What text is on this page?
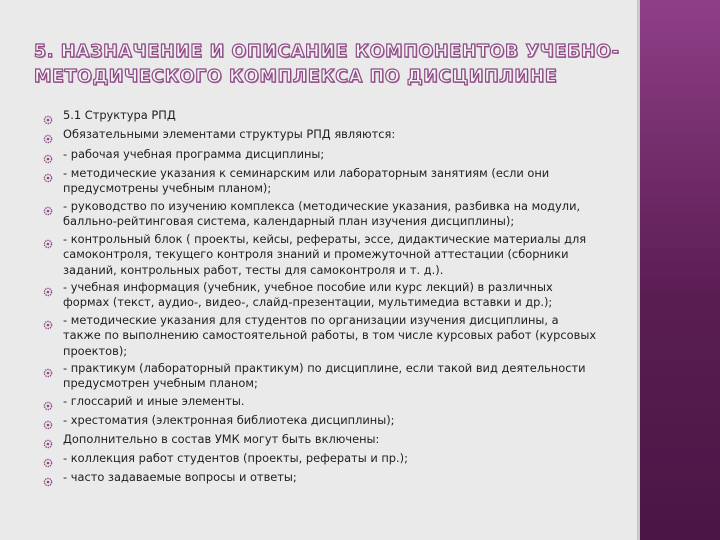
5. НАЗНАЧЕНИЕ И ОПИСАНИЕ КОМПОНЕНТОВ УЧЕБНО-
МЕТОДИЧЕСКОГО КОМПЛЕКСА ПО ДИСЦИПЛИНЕ
5.1 Структура РПД
Обязательными элементами структуры РПД являются:
- рабочая учебная программа дисциплины;
- методические указания к семинарским или лабораторным занятиям (если они
предусмотрены учебным планом);
- руководство по изучению комплекса (методические указания, разбивка на модули,
балльно-рейтинговая система, календарный план изучения дисциплины);
- контрольный блок ( проекты, кейсы, рефераты, эссе, дидактические материалы для
самоконтроля, текущего контроля знаний и промежуточной аттестации (сборники
заданий, контрольных работ, тесты для самоконтроля и т. д.).
- учебная информация (учебник, учебное пособие или курс лекций) в различных
формах (текст, аудио-, видео-, слайд-презентации, мультимедиа вставки и др.);
- методические указания для студентов по организации изучения дисциплины, а
также по выполнению самостоятельной работы, в том числе курсовых работ (курсовых
проектов);
- практикум (лабораторный практикум) по дисциплине, если такой вид деятельности
предусмотрен учебным планом;
- глоссарий и иные элементы.
- хрестоматия (электронная библиотека дисциплины);
Дополнительно в состав УМК могут быть включены:
- коллекция работ студентов (проекты, рефераты и пр.);
- часто задаваемые вопросы и ответы;
